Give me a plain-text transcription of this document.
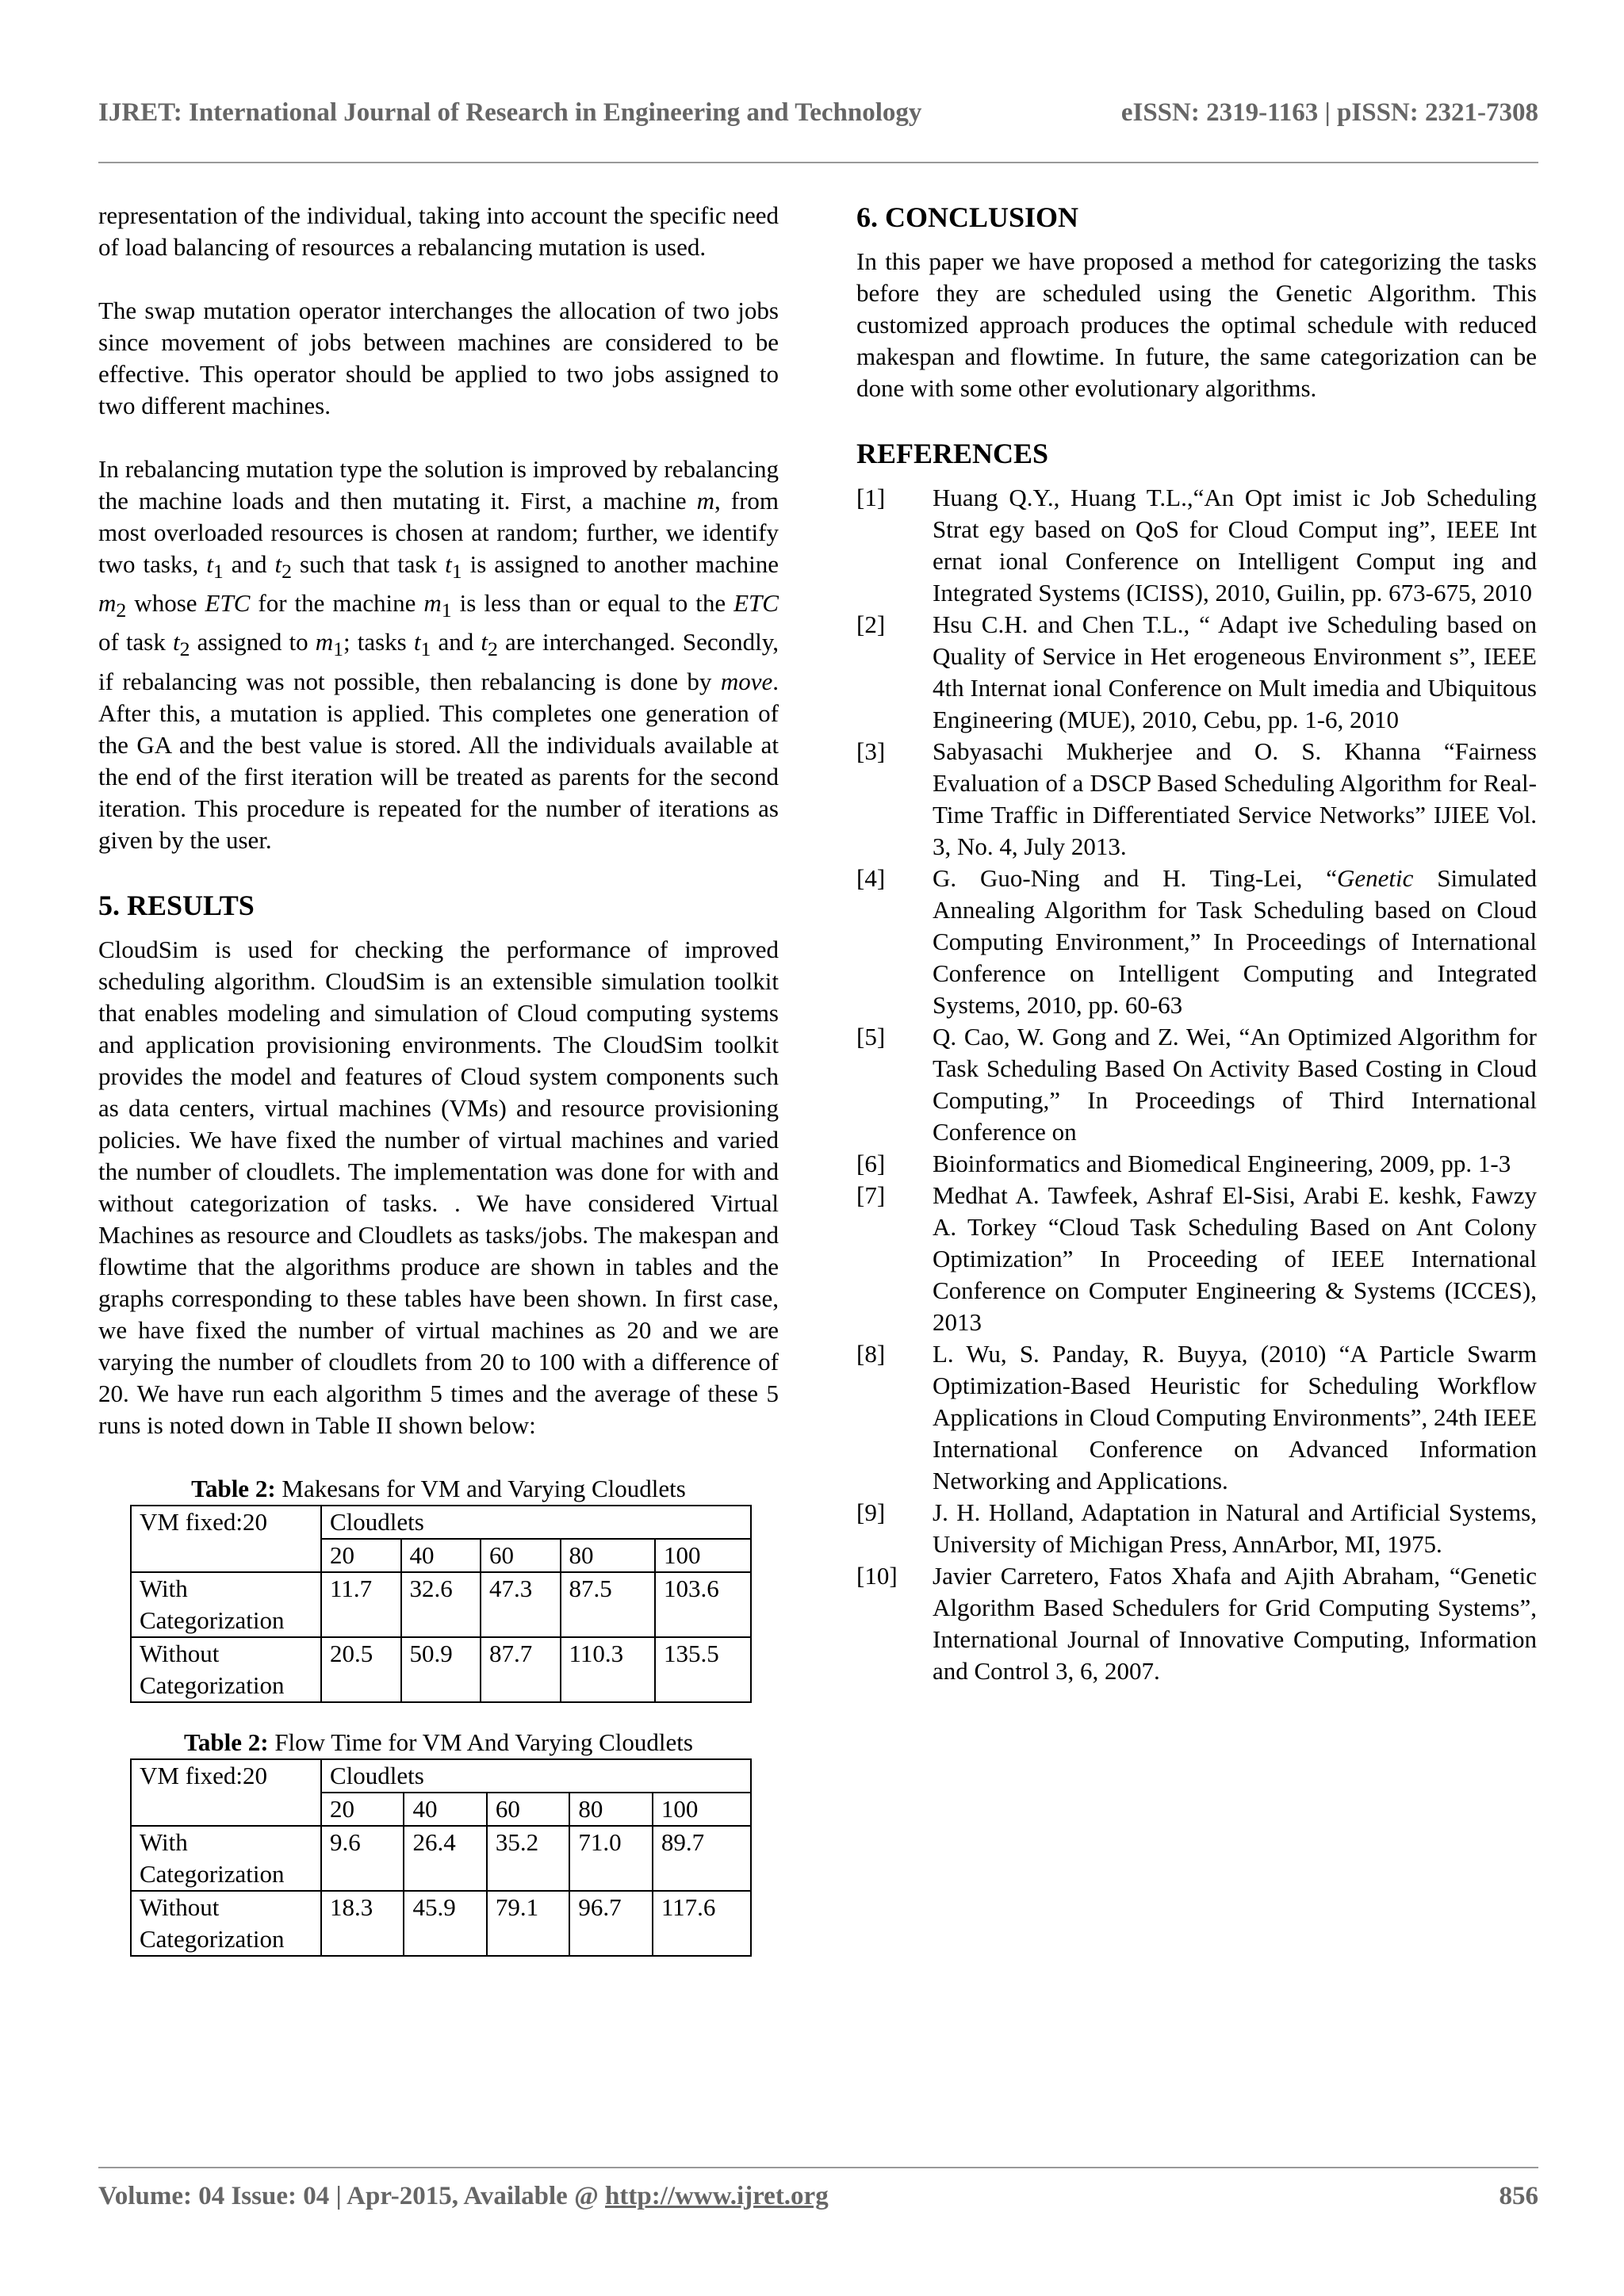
IJRET: International Journal of Research in Engineering and Technology	eISSN: 2319-1163 | pISSN: 2321-7308

representation of the individual, taking into account the specific need of load balancing of resources a rebalancing mutation is used.

The swap mutation operator interchanges the allocation of two jobs since movement of jobs between machines are considered to be effective. This operator should be applied to two jobs assigned to two different machines.

In rebalancing mutation type the solution is improved by rebalancing the machine loads and then mutating it. First, a machine m, from most overloaded resources is chosen at random; further, we identify two tasks, $t_1$ and $t_2$ such that task $t_1$ is assigned to another machine $m_2$ whose ETC for the machine $m_1$ is less than or equal to the ETC of task $t_2$ assigned to $m_1$; tasks $t_1$ and $t_2$ are interchanged. Secondly, if rebalancing was not possible, then rebalancing is done by move. After this, a mutation is applied. This completes one generation of the GA and the best value is stored. All the individuals available at the end of the first iteration will be treated as parents for the second iteration. This procedure is repeated for the number of iterations as given by the user.

5. RESULTS

CloudSim is used for checking the performance of improved scheduling algorithm. CloudSim is an extensible simulation toolkit that enables modeling and simulation of Cloud computing systems and application provisioning environments. The CloudSim toolkit provides the model and features of Cloud system components such as data centers, virtual machines (VMs) and resource provisioning policies. We have fixed the number of virtual machines and varied the number of cloudlets. The implementation was done for with and without categorization of tasks. . We have considered Virtual Machines as resource and Cloudlets as tasks/jobs. The makespan and flowtime that the algorithms produce are shown in tables and the graphs corresponding to these tables have been shown. In first case, we have fixed the number of virtual machines as 20 and we are varying the number of cloudlets from 20 to 100 with a difference of 20. We have run each algorithm 5 times and the average of these 5 runs is noted down in Table II shown below:

Table 2: Makesans for VM and Varying Cloudlets
VM fixed:20	Cloudlets				
	20	40	60	80	100
With Categorization	11.7	32.6	47.3	87.5	103.6
Without Categorization	20.5	50.9	87.7	110.3	135.5
Table 2: Flow Time for VM And Varying Cloudlets
VM fixed:20	Cloudlets				
	20	40	60	80	100
With Categorization	9.6	26.4	35.2	71.0	89.7
Without Categorization	18.3	45.9	79.1	96.7	117.6
6. CONCLUSION

In this paper we have proposed a method for categorizing the tasks before they are scheduled using the Genetic Algorithm. This customized approach produces the optimal schedule with reduced makespan and flowtime. In future, the same categorization can be done with some other evolutionary algorithms.

REFERENCES
[1]	Huang Q.Y., Huang T.L.,“An Opt imist ic Job Scheduling Strat egy based on QoS for Cloud Comput ing”, IEEE Int ernat ional Conference on Intelligent Comput ing and Integrated Systems (ICISS), 2010, Guilin, pp. 673-675, 2010
[2]	Hsu C.H. and Chen T.L., “ Adapt ive Scheduling based on Quality of Service in Het erogeneous Environment s”, IEEE 4th Internat ional Conference on Mult imedia and Ubiquitous Engineering (MUE), 2010, Cebu, pp. 1-6, 2010
[3]	Sabyasachi Mukherjee and O. S. Khanna “Fairness Evaluation of a DSCP Based Scheduling Algorithm for Real-Time Traffic in Differentiated Service Networks” IJIEE Vol. 3, No. 4, July 2013.
[4]	G. Guo-Ning and H. Ting-Lei, “Genetic Simulated Annealing Algorithm for Task Scheduling based on Cloud Computing Environment,” In Proceedings of International Conference on Intelligent Computing and Integrated Systems, 2010, pp. 60-63
[5]	Q. Cao, W. Gong and Z. Wei, “An Optimized Algorithm for Task Scheduling Based On Activity Based Costing in Cloud Computing,” In Proceedings of Third International Conference on
[6]	Bioinformatics and Biomedical Engineering, 2009, pp. 1-3
[7]	Medhat A. Tawfeek, Ashraf El-Sisi, Arabi E. keshk, Fawzy A. Torkey “Cloud Task Scheduling Based on Ant Colony Optimization” In Proceeding of IEEE International Conference on Computer Engineering & Systems (ICCES), 2013
[8]	L. Wu, S. Panday, R. Buyya, (2010) “A Particle Swarm Optimization-Based Heuristic for Scheduling Workflow Applications in Cloud Computing Environments”, 24th IEEE International Conference on Advanced Information Networking and Applications.
[9]	J. H. Holland, Adaptation in Natural and Artificial Systems, University of Michigan Press, AnnArbor, MI, 1975.
[10]	Javier Carretero, Fatos Xhafa and Ajith Abraham, “Genetic Algorithm Based Schedulers for Grid Computing Systems”, International Journal of Innovative Computing, Information and Control 3, 6, 2007.
Volume: 04 Issue: 04 | Apr-2015, Available @ http://www.ijret.org	856
